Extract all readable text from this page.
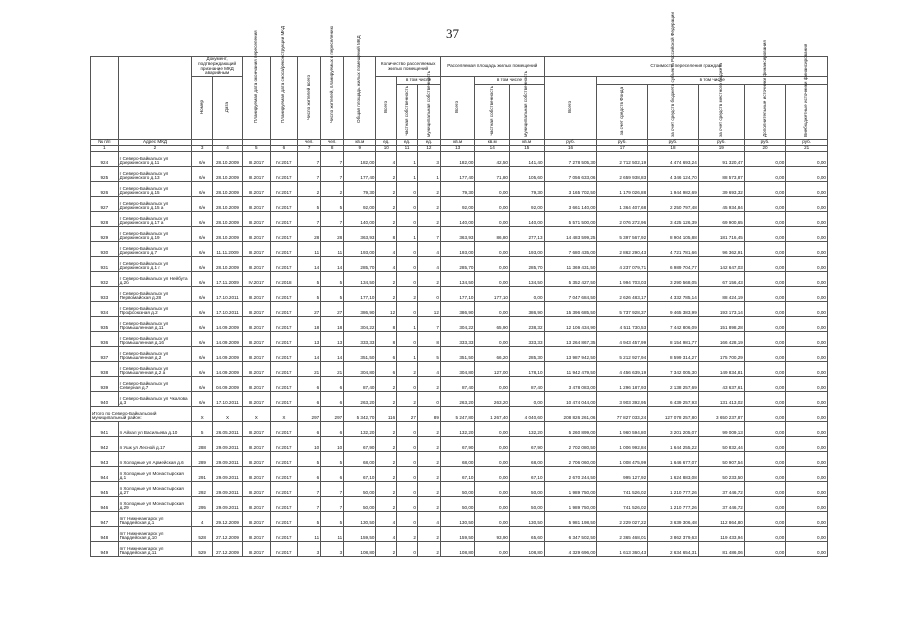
37
		Документ, подтверждающий признание МКД аварийным		Планируемая дата окончания переселения	Планируемая дата сноса/реконструкции МКД	Число жителей всего	Число жителей, планируемых к переселению	Общая площадь жилых помещений МКД	Количество расселяемых жилых помещений			Расселяемая площадь жилых помещений			Стоимость переселения граждан					
		Номер	Дата						Всего	в том числе		Всего	в том числе		Всего	в том числе				
										частная собственность	муниципальная собственность		частная собственность	муниципальная собственность		за счет средств Фонда	за счет средств бюджета субъекта Российской Федерации	за счет средств местного бюджета	Дополнительные источники финансирования	Внебюджетные источники финансирования
№ п/п	Адрес МКД					чел.	чел.	кв.м	ед.	ед.	ед.	кв.м	кв.м	кв.м	руб.	руб.	руб.	руб.	руб.	руб.
1	2	3	4	5	6	7	8	9	10	11	12	13	14	15	16	17	18	19	20	21
924	г Северо-Байкальск ул Дзержинского д.11	6/н	28.10.2009	III.2017	IV.2017	7	7	182,00	4	1	3	182,00	42,50	141,40	7 278 505,30	2 712 502,19	4 474 693,24	91 320,47	0,00	0,00
925	г Северо-Байкальск ул Дзержинского д.13	6/н	28.10.2009	III.2017	IV.2017	7	7	177,40	2	1	1	177,40	71,80	105,60	7 056 633,06	2 659 938,83	4 346 124,70	88 573,87	0,00	0,00
926	г Северо-Байкальск ул Дзержинского д.15	6/н	28.10.2009	III.2017	IV.2017	2	2	79,30	2	0	2	79,30	0,00	79,30	3 165 702,50	1 179 026,88	1 944 982,69	39 693,32	0,00	0,00
927	г Северо-Байкальск ул Дзержинского д.15 а	6/н	28.10.2009	III.2017	IV.2017	5	5	92,00	2	0	2	92,00	0,00	92,00	3 661 140,00	1 364 407,68	2 250 797,48	45 934,84	0,00	0,00
928	г Северо-Байкальск ул Дзержинского д.17 а	6/н	28.10.2009	III.2017	IV.2017	7	7	140,00	2	0	2	140,00	0,00	140,00	5 571 500,00	2 076 272,96	3 425 126,39	69 900,65	0,00	0,00
929	г Северо-Байкальск ул Дзержинского д.19	6/н	28.10.2009	III.2017	IV.2017	28	28	363,93	8	1	7	363,93	86,80	277,13	14 483 599,25	5 397 567,92	8 904 105,88	181 716,45	0,00	0,00
930	г Северо-Байкальск ул Дзержинского д.7	6/н	11.11.2009	III.2017	IV.2017	11	11	193,00	4	0	4	193,00	0,00	193,00	7 680 435,00	2 862 290,43	4 721 781,66	96 362,91	0,00	0,00
931	г Северо-Байкальск ул Дзержинского д.1 г	6/н	28.10.2009	III.2017	IV.2017	14	14	285,70	4	0	4	285,70	0,00	285,70	11 369 431,50	4 237 079,71	6 989 704,77	142 647,03	0,00	0,00
932	г Северо-Байкальск ул Нейбута д.2б	6/н	17.11.2009	IV.2017	IV.2018	5	5	134,50	2	0	2	134,50	0,00	134,50	5 352 427,50	1 994 703,03	3 290 568,05	67 156,43	0,00	0,00
933	г Северо-Байкальск ул Первомайская д.28	6/н	17.10.2011	III.2017	IV.2017	5	5	177,10	2	2	0	177,10	177,10	0,00	7 047 684,50	2 626 483,17	4 332 785,14	88 424,19	0,00	0,00
934	г Северо-Байкальск ул Профсоюзная д.2	6/н	17.10.2011	III.2017	IV.2017	27	27	386,90	12	0	12	386,90	0,00	386,90	15 396 685,50	5 737 928,37	9 465 383,99	193 173,14	0,00	0,00
935	г Северо-Байкальск ул Промышленная д.11	6/н	14.09.2009	III.2017	IV.2017	18	18	304,22	8	1	7	304,22	65,90	238,32	12 106 434,90	4 511 730,53	7 442 806,09	151 898,28	0,00	0,00
936	г Северо-Байкальск ул Промышленная д.16	6/н	14.09.2009	III.2017	IV.2017	13	13	333,33	8	0	8	333,33	0,00	333,33	13 264 867,35	4 943 457,99	8 154 981,77	166 428,19	0,00	0,00
937	г Северо-Байкальск ул Промышленная д.2	6/н	14.09.2009	III.2017	IV.2017	14	14	351,50	6	1	5	351,50	66,20	285,30	13 987 942,50	5 212 927,94	8 599 314,27	175 700,29	0,00	0,00
938	г Северо-Байкальск ул Промышленная д.2 а	6/н	14.09.2009	III.2017	IV.2017	21	21	304,80	6	2	4	304,80	127,00	178,10	11 942 479,50	4 456 639,19	7 342 005,30	149 834,81	0,00	0,00
939	г Северо-Байкальск ул Северная д.7	6/н	04.09.2009	III.2017	IV.2017	6	6	87,40	2	0	2	87,40	0,00	87,40	3 478 083,00	1 296 187,93	2 138 257,69	43 637,61	0,00	0,00
940	г Северо-Байкальск ул Чкалова д.3	6/н	17.10.2011	III.2017	IV.2017	6	6	263,20	2	2	0	263,20	263,20	0,00	10 474 044,00	3 903 392,95	6 439 257,93	131 413,02	0,00	0,00
Итого по Северо-Байкальский муниципальный район:		X	X	X	X	297	297	5 342,70	116	27	89	5 247,80	1 267,40	4 040,60	208 826 261,06	77 827 033,24	127 078 257,80	3 650 237,87	0,00	0,00
941	п Айхал ул Васильева д.10	5	26.05.2011	III.2017	IV.2017	6	6	132,20	2	0	2	132,20	0,00	132,20	5 260 899,00	1 960 594,80	3 201 205,07	99 009,13	0,00	0,00
942	п Ушк ул Лесной д.17	288	29.09.2011	III.2017	IV.2017	10	10	67,90	2	0	2	67,90	0,00	67,90	2 702 080,50	1 006 992,84	1 644 255,22	50 832,44	0,00	0,00
943	п Холодные ул Армейская д.6	289	29.09.2011	III.2017	IV.2017	5	5	68,00	2	0	2	68,00	0,00	68,00	2 706 060,00	1 008 475,99	1 646 677,07	50 907,54	0,00	0,00
944	п Холодные ул Монастырская д.1	291	29.09.2011	III.2017	IV.2017	6	6	67,10	2	0	2	67,10	0,00	67,10	2 670 244,50	995 127,92	1 624 883,08	50 233,50	0,00	0,00
945	п Холодные ул Монастырская д.27	292	29.09.2011	III.2017	IV.2017	7	7	50,00	2	0	2	50,00	0,00	50,00	1 989 750,00	741 526,02	1 210 777,26	37 446,72	0,00	0,00
946	п Холодные ул Монастырская д.29	295	29.09.2011	III.2017	IV.2017	7	7	50,00	2	0	2	50,00	0,00	50,00	1 989 750,00	741 526,02	1 210 777,26	37 446,72	0,00	0,00
947	пгт Нижнеангарск ул Гвардейская д.1	4	29.12.2009	III.2017	IV.2017	5	5	130,50	4	0	4	130,50	0,00	130,50	5 981 198,50	2 229 027,22	3 639 306,48	112 864,80	0,00	0,00
948	пгт Нижнеангарск ул Гвардейская д.10	528	27.12.2009	III.2017	IV.2017	11	11	159,50	4	2	2	159,50	93,90	65,60	6 347 502,50	2 365 468,01	3 862 379,63	119 433,94	0,00	0,00
949	пгт Нижнеангарск ул Гвардейская д.11	529	27.12.2009	III.2017	IV.2017	3	3	108,80	2	0	2	108,80	0,00	108,80	4 329 696,00	1 613 360,43	2 634 654,31	81 486,06	0,00	0,00
